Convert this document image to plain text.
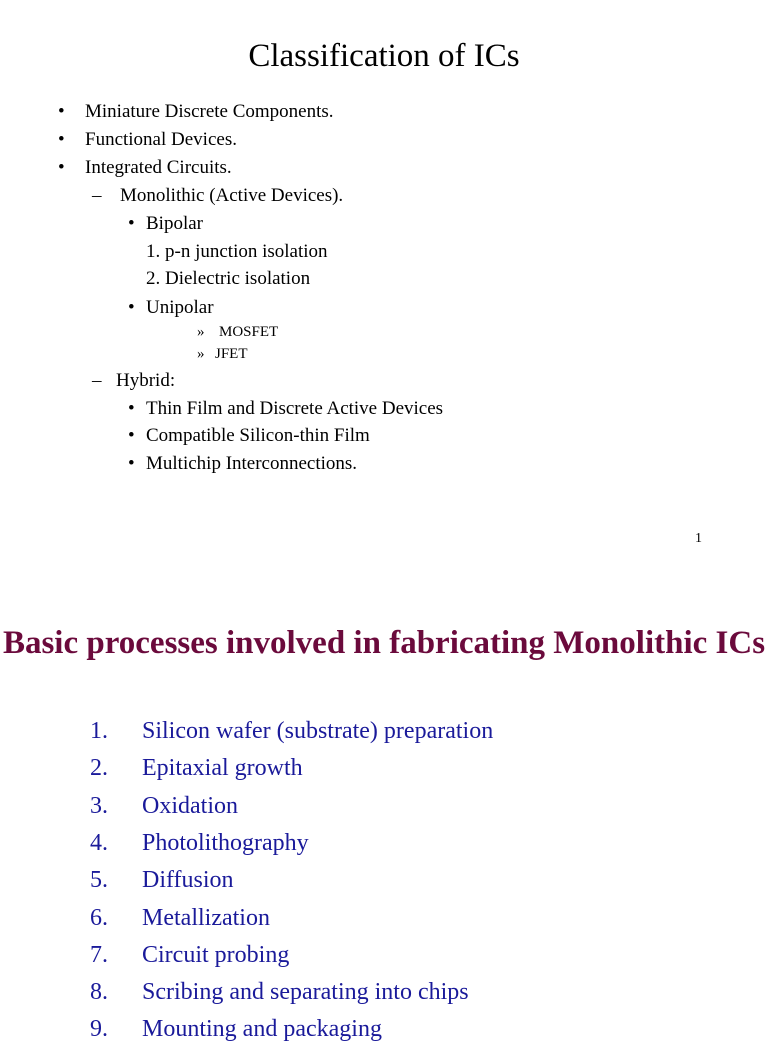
Classification of ICs
• Miniature Discrete Components.
• Functional Devices.
• Integrated Circuits.
– Monolithic (Active Devices).
• Bipolar
1. p-n junction isolation
2. Dielectric isolation
• Unipolar
» MOSFET
» JFET
– Hybrid:
• Thin Film and Discrete Active Devices
• Compatible Silicon-thin Film
• Multichip Interconnections.
1
Basic processes involved in fabricating Monolithic ICs
1. Silicon wafer (substrate) preparation
2. Epitaxial growth
3. Oxidation
4. Photolithography
5. Diffusion
6. Metallization
7. Circuit probing
8. Scribing and separating into chips
9. Mounting and packaging
